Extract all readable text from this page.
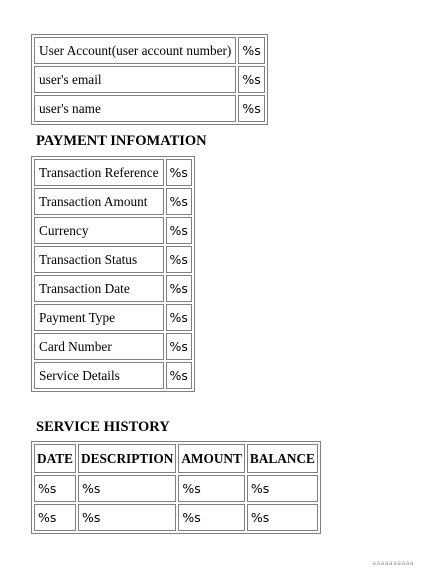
User Account(user account number)	%s
user's email	%s
user's name	%s
PAYMENT INFOMATION
Transaction Reference	%s
Transaction Amount	%s
Currency	%s
Transaction Status	%s
Transaction Date	%s
Payment Type	%s
Card Number	%s
Service Details	%s
SERVICE HISTORY
DATE	DESCRIPTION	AMOUNT	BALANCE
%s	%s	%s	%s
%s	%s	%s	%s
aaaaaaaaaa
